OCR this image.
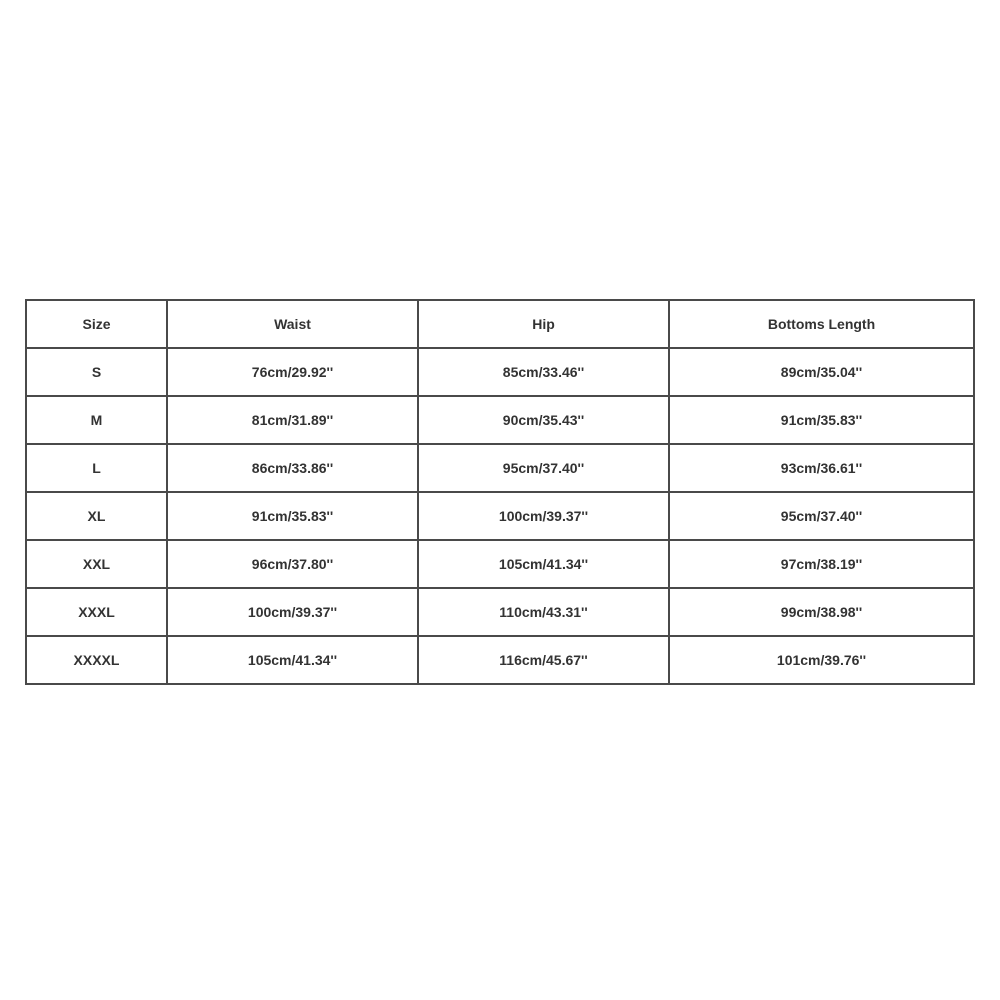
Size	Waist	Hip	Bottoms Length
S	76cm/29.92''	85cm/33.46''	89cm/35.04''
M	81cm/31.89''	90cm/35.43''	91cm/35.83''
L	86cm/33.86''	95cm/37.40''	93cm/36.61''
XL	91cm/35.83''	100cm/39.37''	95cm/37.40''
XXL	96cm/37.80''	105cm/41.34''	97cm/38.19''
XXXL	100cm/39.37''	110cm/43.31''	99cm/38.98''
XXXXL	105cm/41.34''	116cm/45.67''	101cm/39.76''
